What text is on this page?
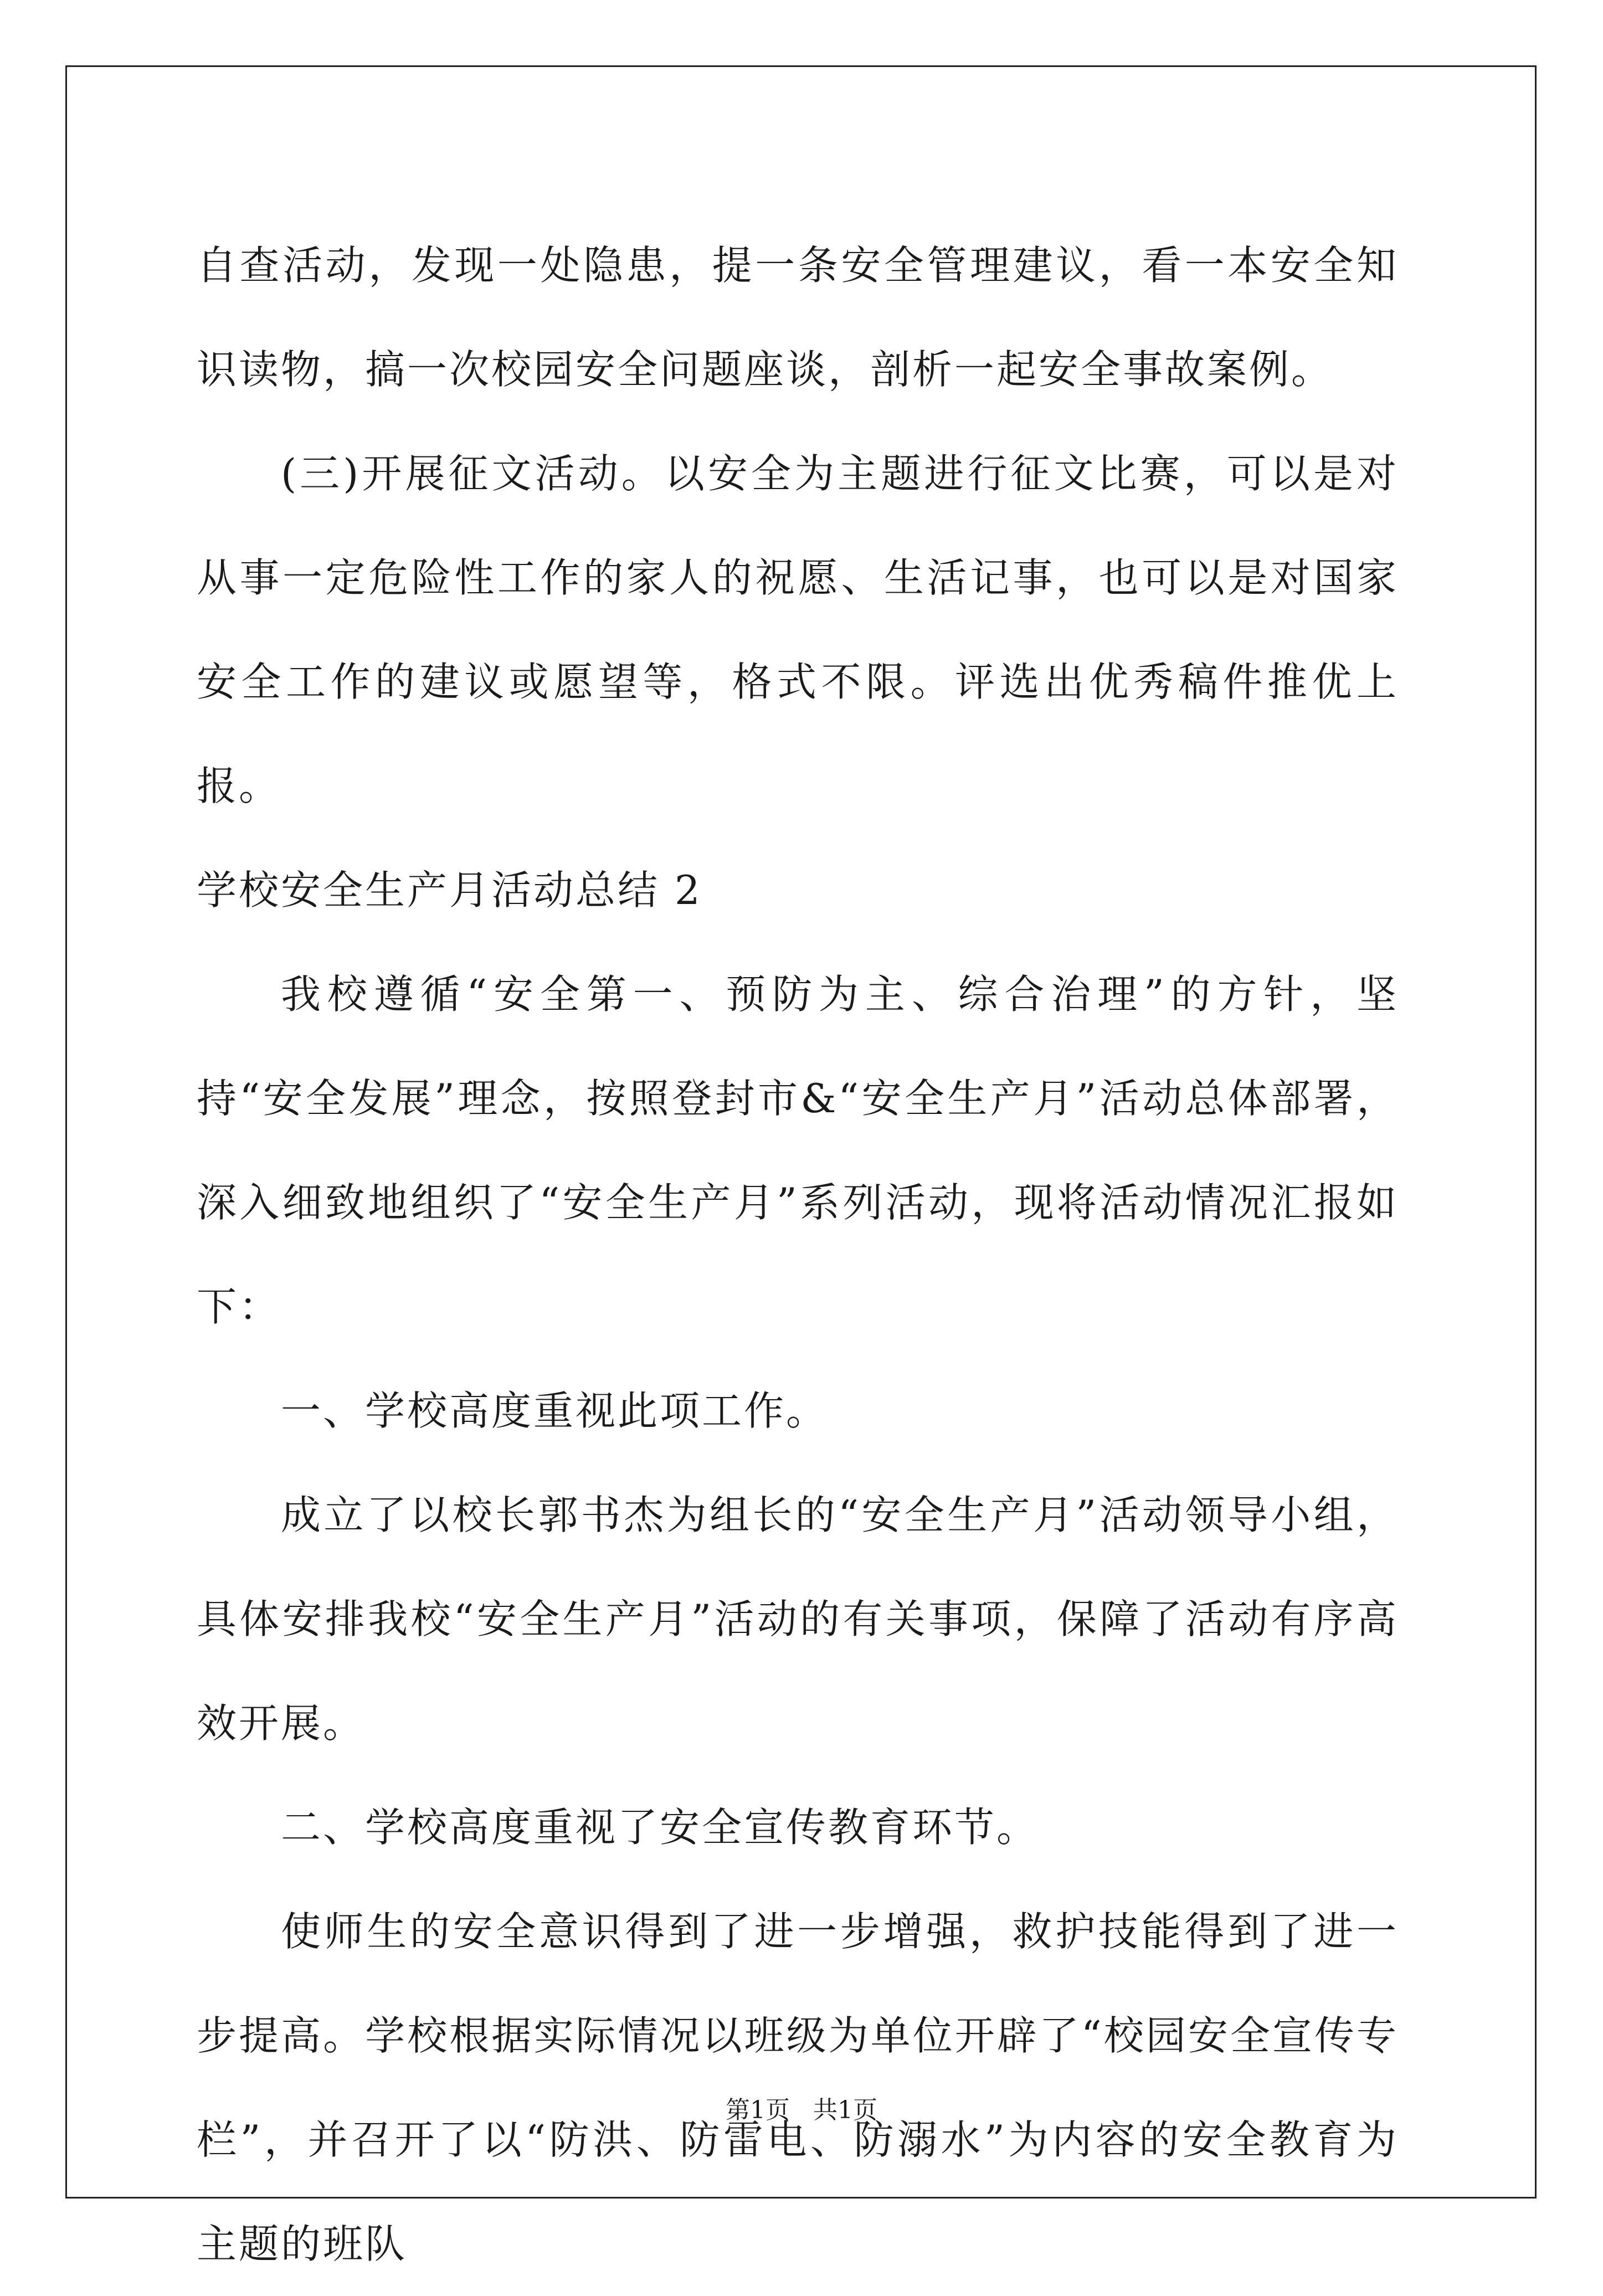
自查活动，发现一处隐患，提一条安全管理建议，看一本安全知识读物，搞一次校园安全问题座谈，剖析一起安全事故案例。

(三)开展征文活动。以安全为主题进行征文比赛，可以是对从事一定危险性工作的家人的祝愿、生活记事，也可以是对国家安全工作的建议或愿望等，格式不限。评选出优秀稿件推优上报。

学校安全生产月活动总结 2

我校遵循“安全第一、预防为主、综合治理”的方针，坚持“安全发展”理念，按照登封市&“安全生产月”活动总体部署，深入细致地组织了“安全生产月”系列活动，现将活动情况汇报如下：

一、学校高度重视此项工作。

成立了以校长郭书杰为组长的“安全生产月”活动领导小组，具体安排我校“安全生产月”活动的有关事项，保障了活动有序高效开展。

二、学校高度重视了安全宣传教育环节。

使师生的安全意识得到了进一步增强，救护技能得到了进一步提高。学校根据实际情况以班级为单位开辟了“校园安全宣传专栏”，并召开了以“防洪、防雷电、防溺水”为内容的安全教育为主题的班队

第1页 共1页
